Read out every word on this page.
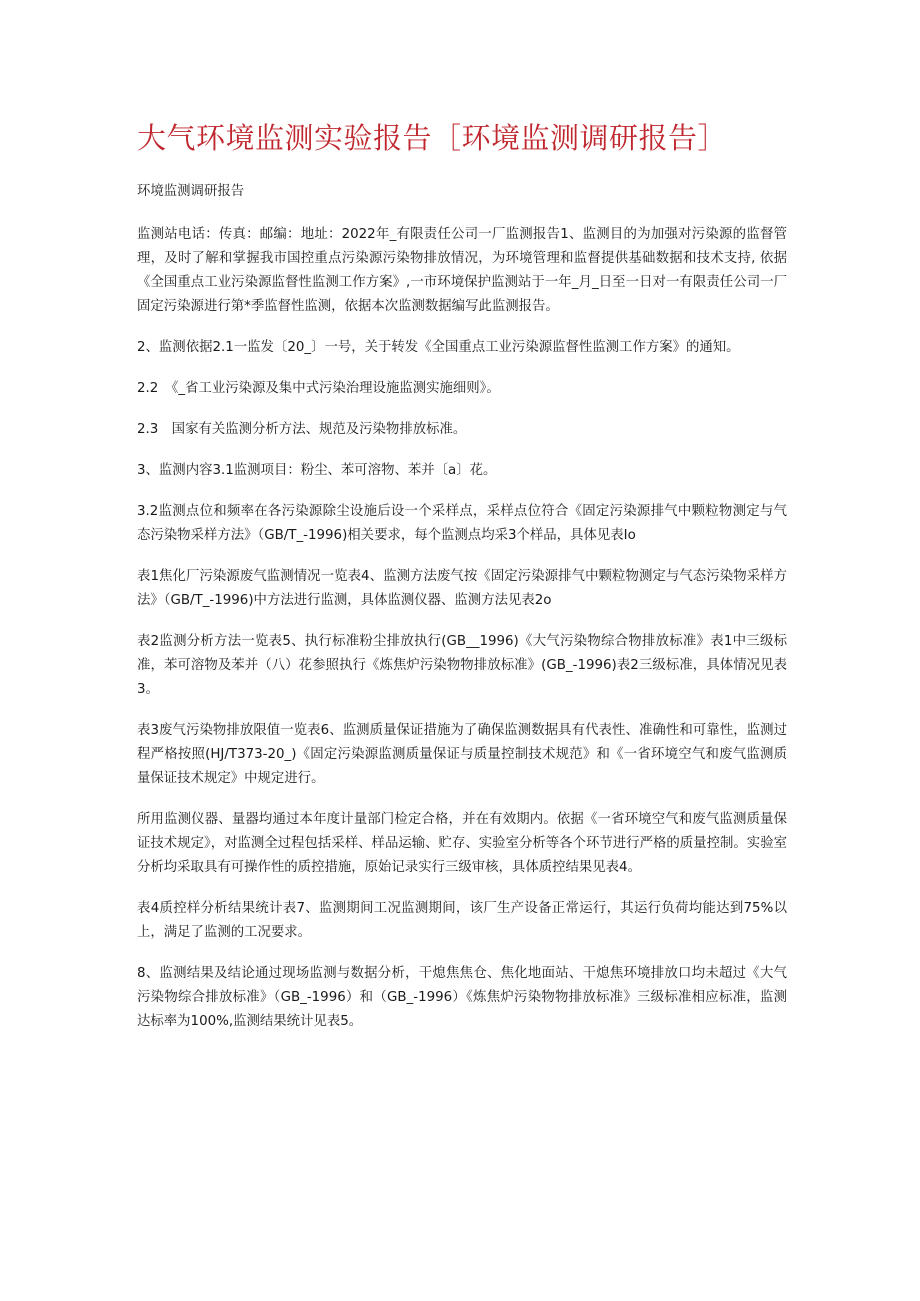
大气环境监测实验报告［环境监测调研报告］

环境监测调研报告

监测站电话：传真：邮编：地址：2022年_有限责任公司一厂监测报告1、监测目的为加强对污染源的监督管理，及时了解和掌握我市国控重点污染源污染物排放情况，为环境管理和监督提供基础数据和技术支持, 依据《全国重点工业污染源监督性监测工作方案》,一市环境保护监测站于一年_月_日至一日对一有限责任公司一厂固定污染源进行第*季监督性监测，依据本次监测数据编写此监测报告。

2、监测依据2.1一监发〔20_〕一号，关于转发《全国重点工业污染源监督性监测工作方案》的通知。

2.2　《_省工业污染源及集中式污染治理设施监测实施细则》。

2.3　国家有关监测分析方法、规范及污染物排放标准。

3、监测内容3.1监测项目：粉尘、苯可溶物、苯并〔a〕花。

3.2监测点位和频率在各污染源除尘设施后设一个采样点，采样点位符合《固定污染源排气中颗粒物测定与气态污染物采样方法》（GB/T_-1996)相关要求，每个监测点均采3个样品，具体见表Io

表1焦化厂污染源废气监测情况一览表4、监测方法废气按《固定污染源排气中颗粒物测定与气态污染物采样方法》（GB/T_-1996)中方法进行监测，具体监测仪器、监测方法见表2o

表2监测分析方法一览表5、执行标准粉尘排放执行(GB__1996)《大气污染物综合物排放标准》表1中三级标准，苯可溶物及苯并（八）花参照执行《炼焦炉污染物物排放标准》(GB_-1996)表2三级标准，具体情况见表3。

表3废气污染物排放限值一览表6、监测质量保证措施为了确保监测数据具有代表性、准确性和可靠性，监测过程严格按照(HJ/T373-20_)《固定污染源监测质量保证与质量控制技术规范》和《一省环境空气和废气监测质量保证技术规定》中规定进行。

所用监测仪器、量器均通过本年度计量部门检定合格，并在有效期内。依据《一省环境空气和废气监测质量保证技术规定》，对监测全过程包括采样、样品运输、贮存、实验室分析等各个环节进行严格的质量控制。实验室分析均采取具有可操作性的质控措施，原始记录实行三级审核，具体质控结果见表4。

表4质控样分析结果统计表7、监测期间工况监测期间，该厂生产设备正常运行，其运行负荷均能达到75%以上，满足了监测的工况要求。

8、监测结果及结论通过现场监测与数据分析，干熄焦焦仓、焦化地面站、干熄焦环境排放口均未超过《大气污染物综合排放标准》（GB_-1996）和（GB_-1996）《炼焦炉污染物物排放标准》三级标准相应标准，监测达标率为100%,监测结果统计见表5。
